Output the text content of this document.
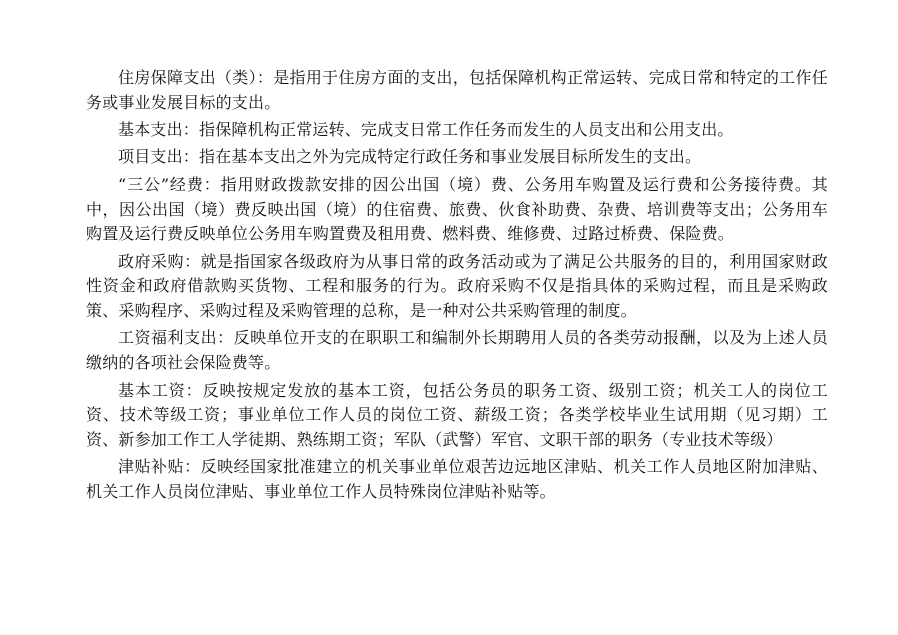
住房保障支出（类）：是指用于住房方面的支出，包括保障机构正常运转、完成日常和特定的工作任务或事业发展目标的支出。

基本支出：指保障机构正常运转、完成支日常工作任务而发生的人员支出和公用支出。

项目支出：指在基本支出之外为完成特定行政任务和事业发展目标所发生的支出。

“三公”经费：指用财政拨款安排的因公出国（境）费、公务用车购置及运行费和公务接待费。其中，因公出国（境）费反映出国（境）的住宿费、旅费、伙食补助费、杂费、培训费等支出；公务用车购置及运行费反映单位公务用车购置费及租用费、燃料费、维修费、过路过桥费、保险费。

政府采购：就是指国家各级政府为从事日常的政务活动或为了满足公共服务的目的，利用国家财政性资金和政府借款购买货物、工程和服务的行为。政府采购不仅是指具体的采购过程，而且是采购政策、采购程序、采购过程及采购管理的总称，是一种对公共采购管理的制度。

工资福利支出：反映单位开支的在职职工和编制外长期聘用人员的各类劳动报酬，以及为上述人员缴纳的各项社会保险费等。

基本工资：反映按规定发放的基本工资，包括公务员的职务工资、级别工资；机关工人的岗位工资、技术等级工资；事业单位工作人员的岗位工资、薪级工资；各类学校毕业生试用期（见习期）工资、新参加工作工人学徒期、熟练期工资；军队（武警）军官、文职干部的职务（专业技术等级）

津贴补贴：反映经国家批准建立的机关事业单位艰苦边远地区津贴、机关工作人员地区附加津贴、机关工作人员岗位津贴、事业单位工作人员特殊岗位津贴补贴等。
